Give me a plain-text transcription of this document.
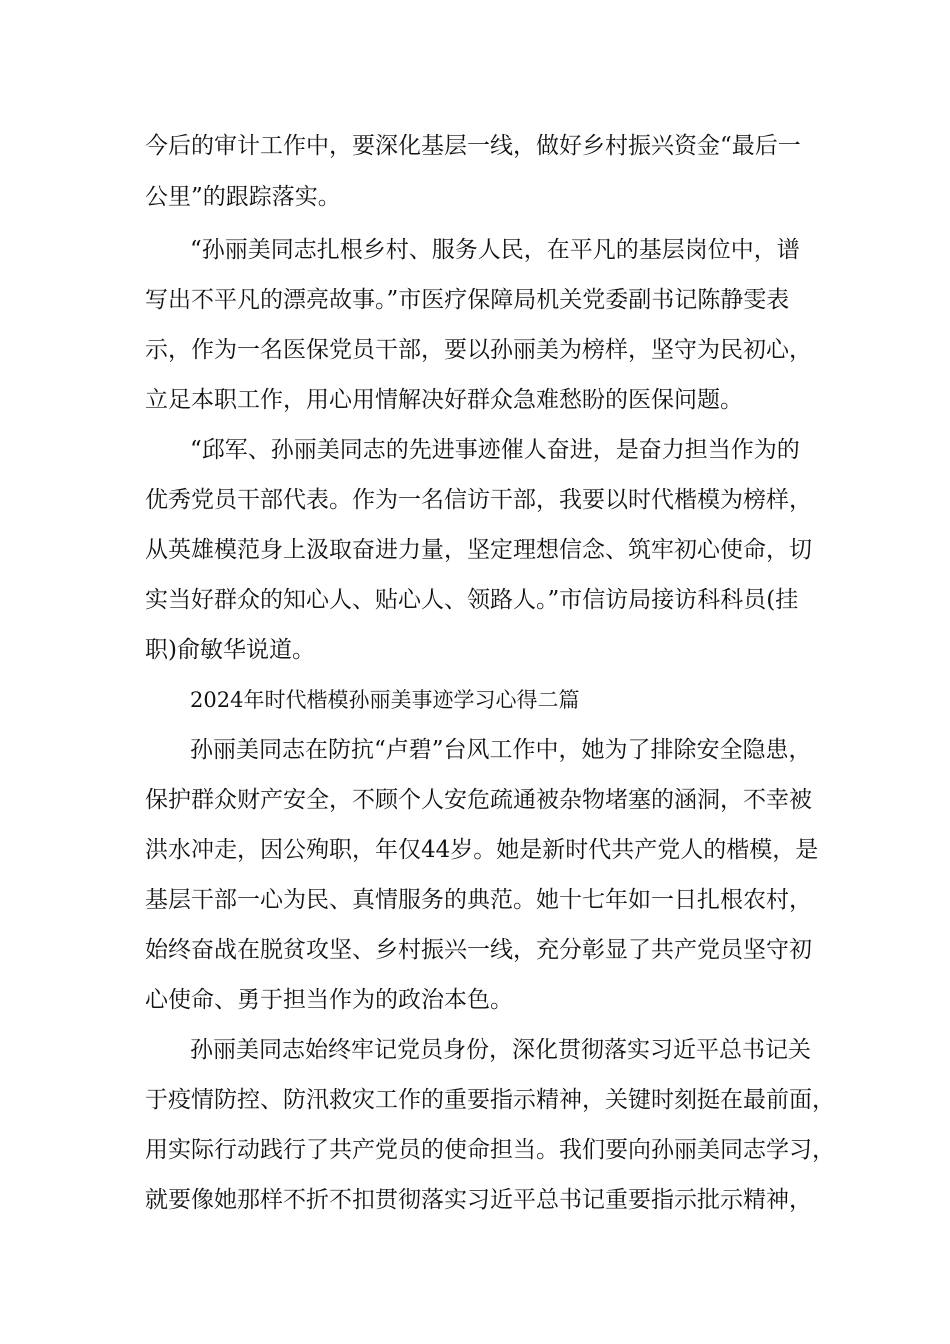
今后的审计工作中，要深化基层一线，做好乡村振兴资金“最后一
公里”的跟踪落实。
“孙丽美同志扎根乡村、服务人民，在平凡的基层岗位中，谱
写出不平凡的漂亮故事。”市医疗保障局机关党委副书记陈静雯表
示，作为一名医保党员干部，要以孙丽美为榜样，坚守为民初心，
立足本职工作，用心用情解决好群众急难愁盼的医保问题。
“邱军、孙丽美同志的先进事迹催人奋进，是奋力担当作为的
优秀党员干部代表。作为一名信访干部，我要以时代楷模为榜样，
从英雄模范身上汲取奋进力量，坚定理想信念、筑牢初心使命，切
实当好群众的知心人、贴心人、领路人。”市信访局接访科科员(挂
职)俞敏华说道。
2024年时代楷模孙丽美事迹学习心得二篇
孙丽美同志在防抗“卢碧”台风工作中，她为了排除安全隐患，
保护群众财产安全，不顾个人安危疏通被杂物堵塞的涵洞，不幸被
洪水冲走，因公殉职，年仅44岁。她是新时代共产党人的楷模，是
基层干部一心为民、真情服务的典范。她十七年如一日扎根农村，
始终奋战在脱贫攻坚、乡村振兴一线，充分彰显了共产党员坚守初
心使命、勇于担当作为的政治本色。
孙丽美同志始终牢记党员身份，深化贯彻落实习近平总书记关
于疫情防控、防汛救灾工作的重要指示精神，关键时刻挺在最前面，
用实际行动践行了共产党员的使命担当。我们要向孙丽美同志学习，
就要像她那样不折不扣贯彻落实习近平总书记重要指示批示精神，
